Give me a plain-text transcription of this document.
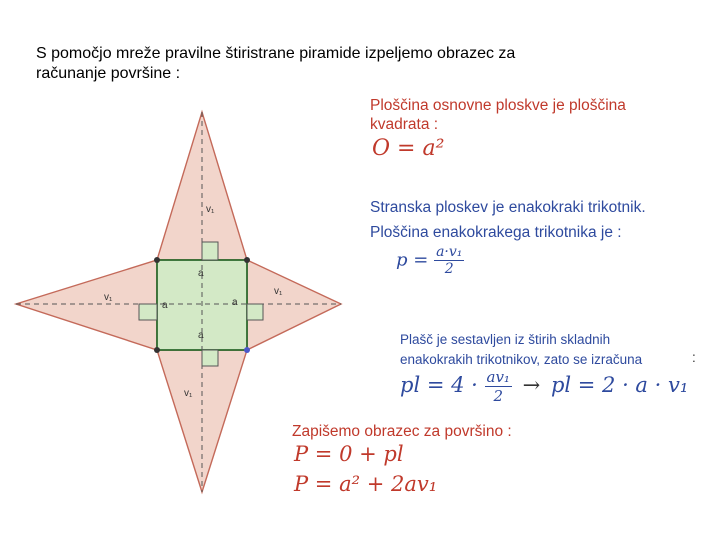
S pomočjo mreže pravilne štiristrane piramide izpeljemo obrazec za
računanje površine :
a
a
a	a
v₁
v₁
v₁
v₁
Ploščina osnovne ploskve je ploščina
kvadrata :
O = a²
Stranska ploskev je enakokraki trikotnik.
Ploščina enakokrakega trikotnika je :
$p = \frac{\text{a·v₁}}{2}$
Plašč je sestavljen iz štirih skladnih
enakokrakih trikotnikov, zato se izračuna	:
pl = $4 \cdot \frac{\text{av₁}}{2}$ → pl = 2 · a · v₁
Zapišemo obrazec za površino :
P = 0 + pl
P = a² + 2av₁
